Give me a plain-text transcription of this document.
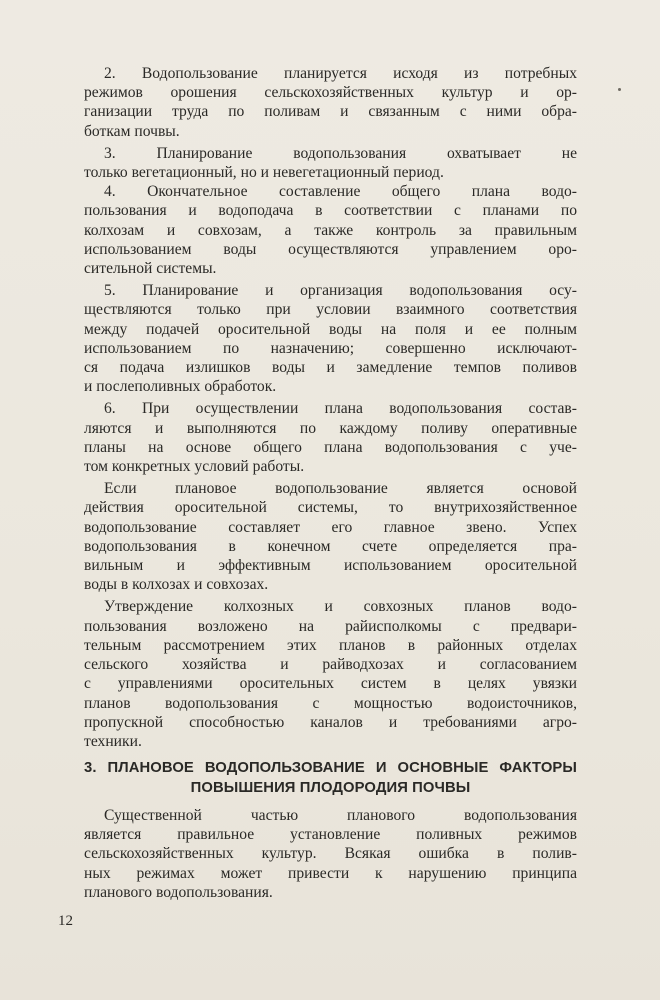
2. Водопользование планируется исходя из потребных
режимов орошения сельскохозяйственных культур и ор-
ганизации труда по поливам и связанным с ними обра-
боткам почвы.

3. Планирование водопользования охватывает не
только вегетационный, но и невегетационный период.

4. Окончательное составление общего плана водо-
пользования и водоподача в соответствии с планами по
колхозам и совхозам, а также контроль за правильным
использованием воды осуществляются управлением оро-
сительной системы.

5. Планирование и организация водопользования осу-
ществляются только при условии взаимного соответствия
между подачей оросительной воды на поля и ее полным
использованием по назначению; совершенно исключают-
ся подача излишков воды и замедление темпов поливов
и послеполивных обработок.

6. При осуществлении плана водопользования состав-
ляются и выполняются по каждому поливу оперативные
планы на основе общего плана водопользования с уче-
том конкретных условий работы.

Если плановое водопользование является основой
действия оросительной системы, то внутрихозяйственное
водопользование составляет его главное звено. Успех
водопользования в конечном счете определяется пра-
вильным и эффективным использованием оросительной
воды в колхозах и совхозах.

Утверждение колхозных и совхозных планов водо-
пользования возложено на райисполкомы с предвари-
тельным рассмотрением этих планов в районных отделах
сельского хозяйства и райводхозах и согласованием
с управлениями оросительных систем в целях увязки
планов водопользования с мощностью водоисточников,
пропускной способностью каналов и требованиями агро-
техники.

3. ПЛАНОВОЕ ВОДОПОЛЬЗОВАНИЕ И ОСНОВНЫЕ ФАКТОРЫ
ПОВЫШЕНИЯ ПЛОДОРОДИЯ ПОЧВЫ

Существенной частью планового водопользования
является правильное установление поливных режимов
сельскохозяйственных культур. Всякая ошибка в полив-
ных режимах может привести к нарушению принципа
планового водопользования.

12
